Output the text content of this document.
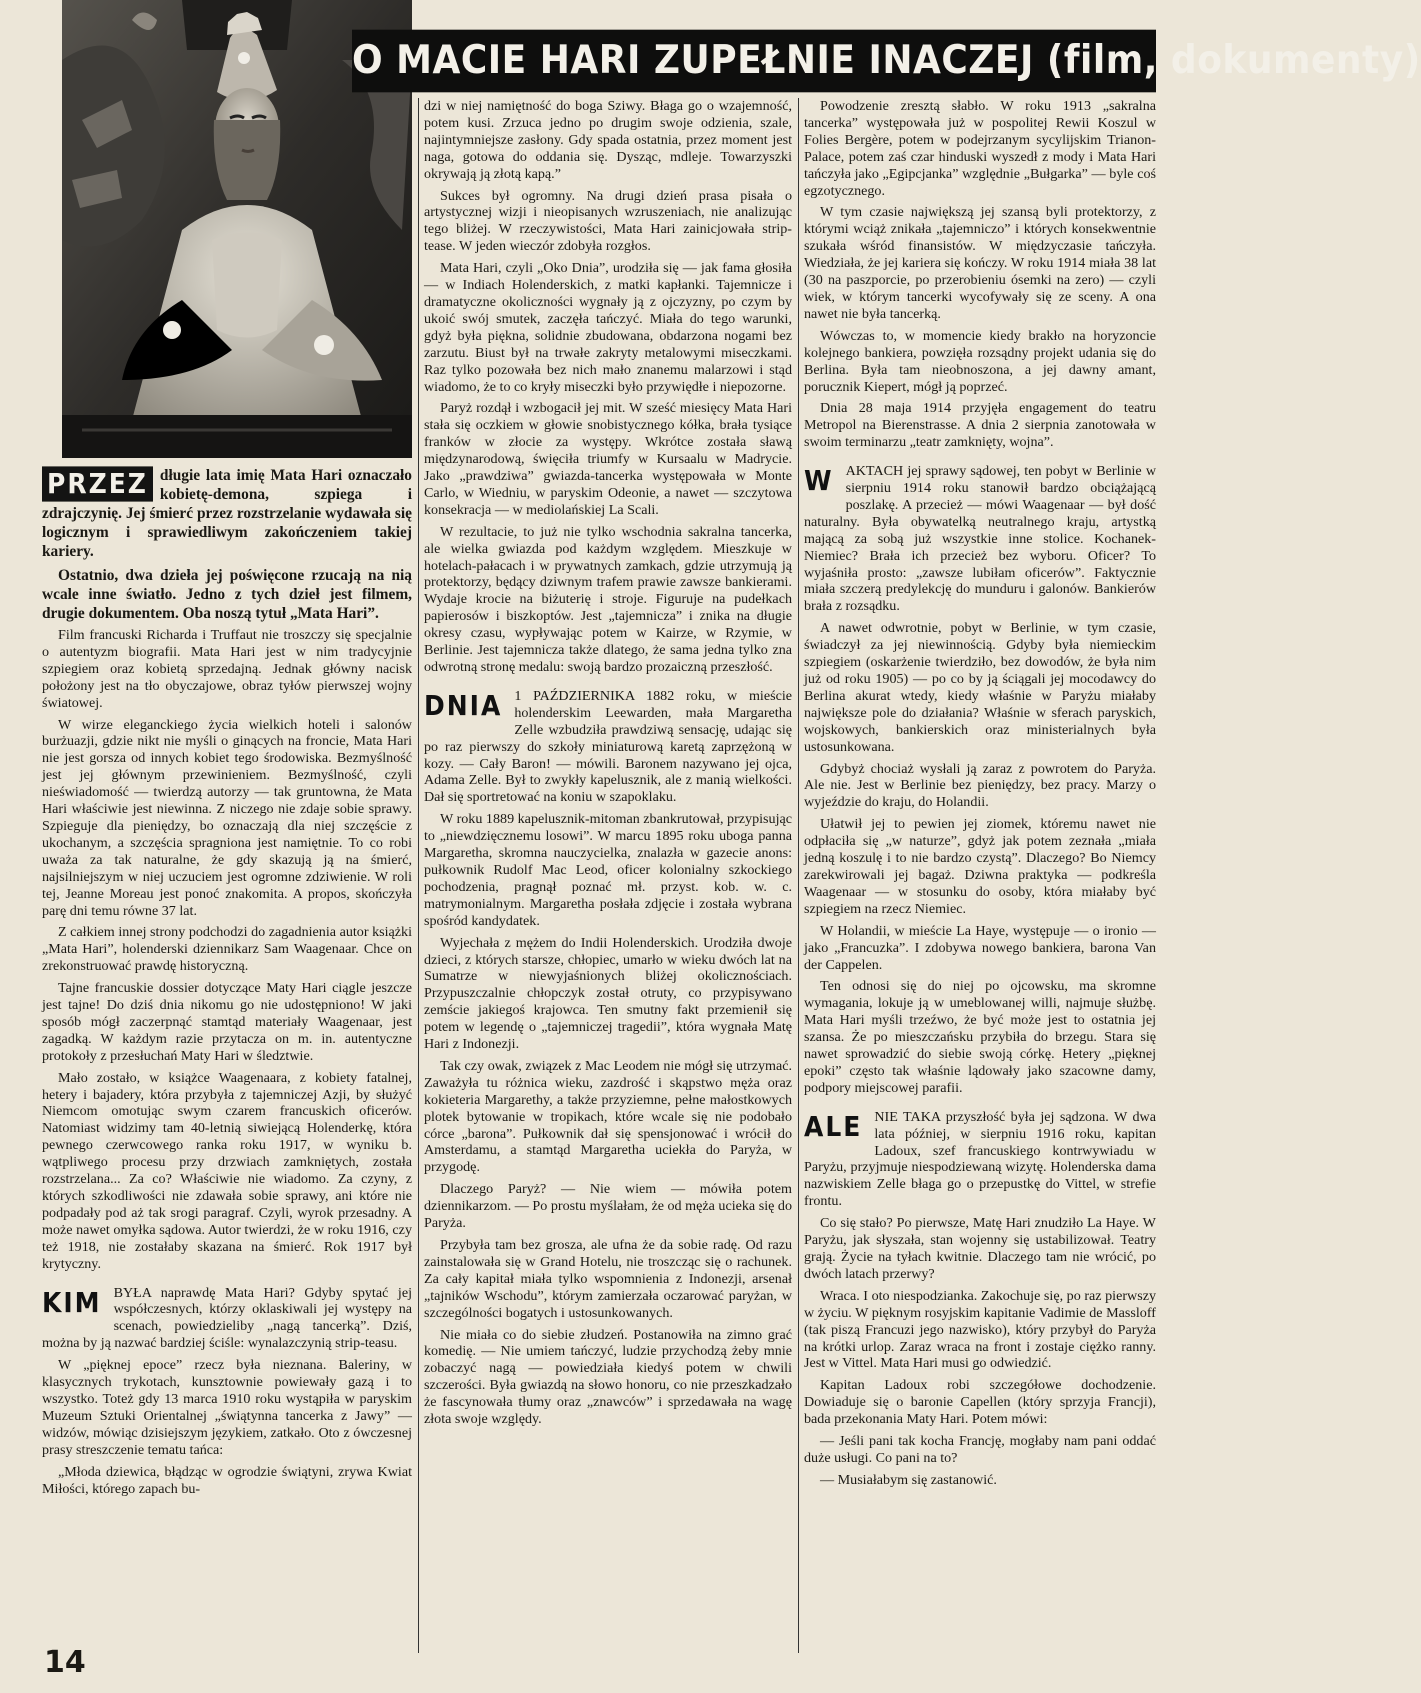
O MACIE HARI ZUPEŁNIE INACZEJ (film, dokumenty)

PRZEZ długie lata imię Mata Hari oznaczało kobietę-demona, szpiega i zdrajczynię. Jej śmierć przez rozstrzelanie wydawała się logicznym i sprawiedliwym zakończeniem takiej kariery.

Ostatnio, dwa dzieła jej poświęcone rzucają na nią wcale inne światło. Jedno z tych dzieł jest filmem, drugie dokumentem. Oba noszą tytuł „Mata Hari”.

Film francuski Richarda i Truffaut nie troszczy się specjalnie o autentyzm biografii. Mata Hari jest w nim tradycyjnie szpiegiem oraz kobietą sprzedajną. Jednak główny nacisk położony jest na tło obyczajowe, obraz tyłów pierwszej wojny światowej.

W wirze eleganckiego życia wielkich hoteli i salonów burżuazji, gdzie nikt nie myśli o ginących na froncie, Mata Hari nie jest gorsza od innych kobiet tego środowiska. Bezmyślność jest jej głównym przewinieniem. Bezmyślność, czyli nieświadomość — twierdzą autorzy — tak gruntowna, że Mata Hari właściwie jest niewinna. Z niczego nie zdaje sobie sprawy. Szpieguje dla pieniędzy, bo oznaczają dla niej szczęście z ukochanym, a szczęścia spragniona jest namiętnie. To co robi uważa za tak naturalne, że gdy skazują ją na śmierć, najsilniejszym w niej uczuciem jest ogromne zdziwienie. W roli tej, Jeanne Moreau jest ponoć znakomita. A propos, skończyła parę dni temu równe 37 lat.

Z całkiem innej strony podchodzi do zagadnienia autor książki „Mata Hari”, holenderski dziennikarz Sam Waagenaar. Chce on zrekonstruować prawdę historyczną.

Tajne francuskie dossier dotyczące Maty Hari ciągle jeszcze jest tajne! Do dziś dnia nikomu go nie udostępniono! W jaki sposób mógł zaczerpnąć stamtąd materiały Waagenaar, jest zagadką. W każdym razie przytacza on m. in. autentyczne protokoły z przesłuchań Maty Hari w śledztwie.

Mało zostało, w książce Waagenaara, z kobiety fatalnej, hetery i bajadery, która przybyła z tajemniczej Azji, by służyć Niemcom omotując swym czarem francuskich oficerów. Natomiast widzimy tam 40-letnią siwiejącą Holenderkę, która pewnego czerwcowego ranka roku 1917, w wyniku b. wątpliwego procesu przy drzwiach zamkniętych, została rozstrzelana... Za co? Właściwie nie wiadomo. Za czyny, z których szkodliwości nie zdawała sobie sprawy, ani które nie podpadały pod aż tak srogi paragraf. Czyli, wyrok przesadny. A może nawet omyłka sądowa. Autor twierdzi, że w roku 1916, czy też 1918, nie zostałaby skazana na śmierć. Rok 1917 był krytyczny.

KIM BYŁA naprawdę Mata Hari? Gdyby spytać jej współczesnych, którzy oklaskiwali jej występy na scenach, powiedzieliby „nagą tancerką”. Dziś, można by ją nazwać bardziej ściśle: wynalazczynią strip-teasu.

W „pięknej epoce” rzecz była nieznana. Baleriny, w klasycznych trykotach, kunsztownie powiewały gazą i to wszystko. Toteż gdy 13 marca 1910 roku wystąpiła w paryskim Muzeum Sztuki Orientalnej „świątynna tancerka z Jawy” — widzów, mówiąc dzisiejszym językiem, zatkało. Oto z ówczesnej prasy streszczenie tematu tańca:

„Młoda dziewica, błądząc w ogrodzie świątyni, zrywa Kwiat Miłości, którego zapach bu-

dzi w niej namiętność do boga Sziwy. Błaga go o wzajemność, potem kusi. Zrzuca jedno po drugim swoje odzienia, szale, najintymniejsze zasłony. Gdy spada ostatnia, przez moment jest naga, gotowa do oddania się. Dysząc, mdleje. Towarzyszki okrywają ją złotą kapą.”

Sukces był ogromny. Na drugi dzień prasa pisała o artystycznej wizji i nieopisanych wzruszeniach, nie analizując tego bliżej. W rzeczywistości, Mata Hari zainicjowała strip-tease. W jeden wieczór zdobyła rozgłos.

Mata Hari, czyli „Oko Dnia”, urodziła się — jak fama głosiła — w Indiach Holenderskich, z matki kapłanki. Tajemnicze i dramatyczne okoliczności wygnały ją z ojczyzny, po czym by ukoić swój smutek, zaczęła tańczyć. Miała do tego warunki, gdyż była piękna, solidnie zbudowana, obdarzona nogami bez zarzutu. Biust był na trwałe zakryty metalowymi miseczkami. Raz tylko pozowała bez nich mało znanemu malarzowi i stąd wiadomo, że to co kryły miseczki było przywiędłe i niepozorne.

Paryż rozdął i wzbogacił jej mit. W sześć miesięcy Mata Hari stała się oczkiem w głowie snobistycznego kółka, brała tysiące franków w złocie za występy. Wkrótce została sławą międzynarodową, święciła triumfy w Kursaalu w Madrycie. Jako „prawdziwa” gwiazda-tancerka występowała w Monte Carlo, w Wiedniu, w paryskim Odeonie, a nawet — szczytowa konsekracja — w mediolańskiej La Scali.

W rezultacie, to już nie tylko wschodnia sakralna tancerka, ale wielka gwiazda pod każdym względem. Mieszkuje w hotelach-pałacach i w prywatnych zamkach, gdzie utrzymują ją protektorzy, będący dziwnym trafem prawie zawsze bankierami. Wydaje krocie na biżuterię i stroje. Figuruje na pudełkach papierosów i biszkoptów. Jest „tajemnicza” i znika na długie okresy czasu, wypływając potem w Kairze, w Rzymie, w Berlinie. Jest tajemnicza także dlatego, że sama jedna tylko zna odwrotną stronę medalu: swoją bardzo prozaiczną przeszłość.

DNIA 1 PAŹDZIERNIKA 1882 roku, w mieście holenderskim Leewarden, mała Margaretha Zelle wzbudziła prawdziwą sensację, udając się po raz pierwszy do szkoły miniaturową karetą zaprzężoną w kozy. — Cały Baron! — mówili. Baronem nazywano jej ojca, Adama Zelle. Był to zwykły kapelusznik, ale z manią wielkości. Dał się sportretować na koniu w szapoklaku.

W roku 1889 kapelusznik-mitoman zbankrutował, przypisując to „niewdzięcznemu losowi”. W marcu 1895 roku uboga panna Margaretha, skromna nauczycielka, znalazła w gazecie anons: pułkownik Rudolf Mac Leod, oficer kolonialny szkockiego pochodzenia, pragnął poznać mł. przyst. kob. w. c. matrymonialnym. Margaretha posłała zdjęcie i została wybrana spośród kandydatek.

Wyjechała z mężem do Indii Holenderskich. Urodziła dwoje dzieci, z których starsze, chłopiec, umarło w wieku dwóch lat na Sumatrze w niewyjaśnionych bliżej okolicznościach. Przypuszczalnie chłopczyk został otruty, co przypisywano zemście jakiegoś krajowca. Ten smutny fakt przemienił się potem w legendę o „tajemniczej tragedii”, która wygnała Matę Hari z Indonezji.

Tak czy owak, związek z Mac Leodem nie mógł się utrzymać. Zaważyła tu różnica wieku, zazdrość i skąpstwo męża oraz kokieteria Margarethy, a także przyziemne, pełne małostkowych plotek bytowanie w tropikach, które wcale się nie podobało córce „barona”. Pułkownik dał się spensjonować i wrócił do Amsterdamu, a stamtąd Margaretha uciekła do Paryża, w przygodę.

Dlaczego Paryż? — Nie wiem — mówiła potem dziennikarzom. — Po prostu myślałam, że od męża ucieka się do Paryża.

Przybyła tam bez grosza, ale ufna że da sobie radę. Od razu zainstalowała się w Grand Hotelu, nie troszcząc się o rachunek. Za cały kapitał miała tylko wspomnienia z Indonezji, arsenał „tajników Wschodu”, którym zamierzała oczarować paryżan, w szczególności bogatych i ustosunkowanych.

Nie miała co do siebie złudzeń. Postanowiła na zimno grać komedię. — Nie umiem tańczyć, ludzie przychodzą żeby mnie zobaczyć nagą — powiedziała kiedyś potem w chwili szczerości. Była gwiazdą na słowo honoru, co nie przeszkadzało że fascynowała tłumy oraz „znawców” i sprzedawała na wagę złota swoje względy.

Powodzenie zresztą słabło. W roku 1913 „sakralna tancerka” występowała już w pospolitej Rewii Koszul w Folies Bergère, potem w podejrzanym sycylijskim Trianon-Palace, potem zaś czar hinduski wyszedł z mody i Mata Hari tańczyła jako „Egipcjanka” względnie „Bułgarka” — byle coś egzotycznego.

W tym czasie największą jej szansą byli protektorzy, z którymi wciąż znikała „tajemniczo” i których konsekwentnie szukała wśród finansistów. W międzyczasie tańczyła. Wiedziała, że jej kariera się kończy. W roku 1914 miała 38 lat (30 na paszporcie, po przerobieniu ósemki na zero) — czyli wiek, w którym tancerki wycofywały się ze sceny. A ona nawet nie była tancerką.

Wówczas to, w momencie kiedy brakło na horyzoncie kolejnego bankiera, powzięła rozsądny projekt udania się do Berlina. Była tam nieobnoszona, a jej dawny amant, porucznik Kiepert, mógł ją poprzeć.

Dnia 28 maja 1914 przyjęła engagement do teatru Metropol na Bierenstrasse. A dnia 2 sierpnia zanotowała w swoim terminarzu „teatr zamknięty, wojna”.

WAKTACH jej sprawy sądowej, ten pobyt w Berlinie w sierpniu 1914 roku stanowił bardzo obciążającą poszlakę. A przecież — mówi Waagenaar — był dość naturalny. Była obywatelką neutralnego kraju, artystką mającą za sobą już wszystkie inne stolice. Kochanek-Niemiec? Brała ich przecież bez wyboru. Oficer? To wyjaśniła prosto: „zawsze lubiłam oficerów”. Faktycznie miała szczerą predylekcję do munduru i galonów. Bankierów brała z rozsądku.

A nawet odwrotnie, pobyt w Berlinie, w tym czasie, świadczył za jej niewinnością. Gdyby była niemieckim szpiegiem (oskarżenie twierdziło, bez dowodów, że była nim już od roku 1905) — po co by ją ściągali jej mocodawcy do Berlina akurat wtedy, kiedy właśnie w Paryżu miałaby największe pole do działania? Właśnie w sferach paryskich, wojskowych, bankierskich oraz ministerialnych była ustosunkowana.

Gdybyż chociaż wysłali ją zaraz z powrotem do Paryża. Ale nie. Jest w Berlinie bez pieniędzy, bez pracy. Marzy o wyjeździe do kraju, do Holandii.

Ułatwił jej to pewien jej ziomek, któremu nawet nie odpłaciła się „w naturze”, gdyż jak potem zeznała „miała jedną koszulę i to nie bardzo czystą”. Dlaczego? Bo Niemcy zarekwirowali jej bagaż. Dziwna praktyka — podkreśla Waagenaar — w stosunku do osoby, która miałaby być szpiegiem na rzecz Niemiec.

W Holandii, w mieście La Haye, występuje — o ironio — jako „Francuzka”. I zdobywa nowego bankiera, barona Van der Cappelen.

Ten odnosi się do niej po ojcowsku, ma skromne wymagania, lokuje ją w umeblowanej willi, najmuje służbę. Mata Hari myśli trzeźwo, że być może jest to ostatnia jej szansa. Że po mieszczańsku przybiła do brzegu. Stara się nawet sprowadzić do siebie swoją córkę. Hetery „pięknej epoki” często tak właśnie lądowały jako szacowne damy, podpory miejscowej parafii.

ALE NIE TAKA przyszłość była jej sądzona. W dwa lata później, w sierpniu 1916 roku, kapitan Ladoux, szef francuskiego kontrwywiadu w Paryżu, przyjmuje niespodziewaną wizytę. Holenderska dama nazwiskiem Zelle błaga go o przepustkę do Vittel, w strefie frontu.

Co się stało? Po pierwsze, Matę Hari znudziło La Haye. W Paryżu, jak słyszała, stan wojenny się ustabilizował. Teatry grają. Życie na tyłach kwitnie. Dlaczego tam nie wrócić, po dwóch latach przerwy?

Wraca. I oto niespodzianka. Zakochuje się, po raz pierwszy w życiu. W pięknym rosyjskim kapitanie Vadimie de Massloff (tak piszą Francuzi jego nazwisko), który przybył do Paryża na krótki urlop. Zaraz wraca na front i zostaje ciężko ranny. Jest w Vittel. Mata Hari musi go odwiedzić.

Kapitan Ladoux robi szczegółowe dochodzenie. Dowiaduje się o baronie Capellen (który sprzyja Francji), bada przekonania Maty Hari. Potem mówi:

— Jeśli pani tak kocha Francję, mogłaby nam pani oddać duże usługi. Co pani na to?

— Musiałabym się zastanowić.

14
